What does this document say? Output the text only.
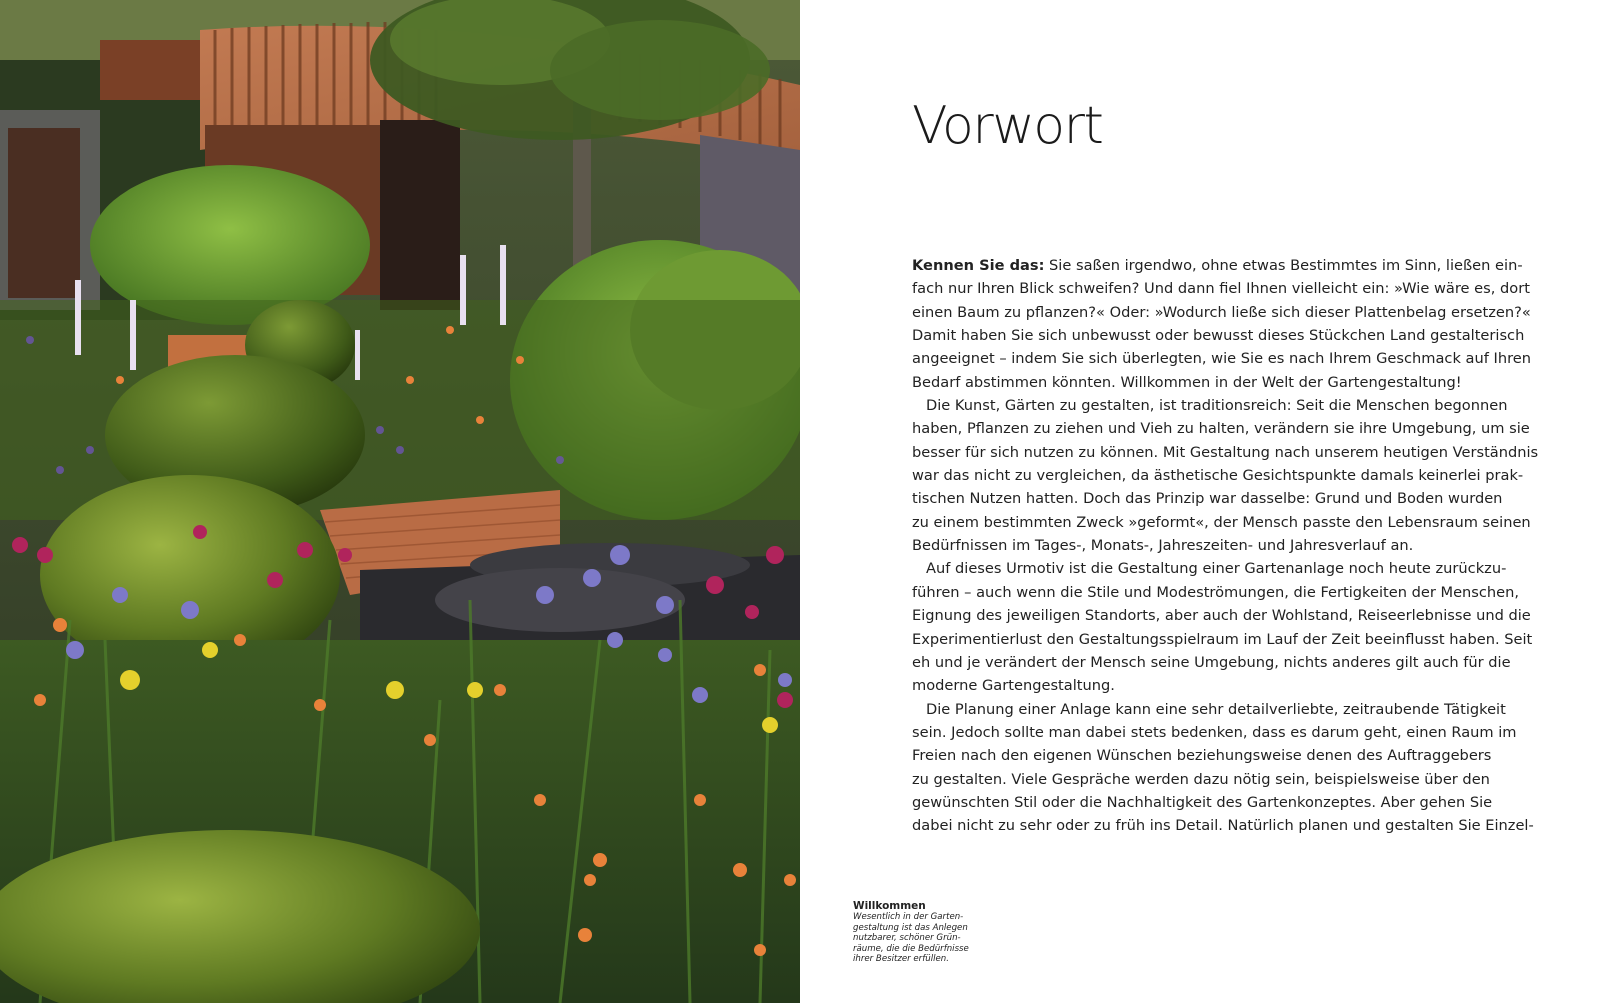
Vorwort
Kennen Sie das: Sie saßen irgendwo, ohne etwas Bestimmtes im Sinn, ließen ein-
fach nur Ihren Blick schweifen? Und dann fiel Ihnen vielleicht ein: »Wie wäre es, dort
einen Baum zu pflanzen?« Oder: »Wodurch ließe sich dieser Plattenbelag ersetzen?«
Damit haben Sie sich unbewusst oder bewusst dieses Stückchen Land gestalterisch
angeeignet – indem Sie sich überlegten, wie Sie es nach Ihrem Geschmack auf Ihren
Bedarf abstimmen könnten. Willkommen in der Welt der Gartengestaltung!
Die Kunst, Gärten zu gestalten, ist traditionsreich: Seit die Menschen begonnen
haben, Pflanzen zu ziehen und Vieh zu halten, verändern sie ihre Umgebung, um sie
besser für sich nutzen zu können. Mit Gestaltung nach unserem heutigen Verständnis
war das nicht zu vergleichen, da ästhetische Gesichtspunkte damals keinerlei prak-
tischen Nutzen hatten. Doch das Prinzip war dasselbe: Grund und Boden wurden
zu einem bestimmten Zweck »geformt«, der Mensch passte den Lebensraum seinen
Bedürfnissen im Tages-, Monats-, Jahreszeiten- und Jahresverlauf an.
Auf dieses Urmotiv ist die Gestaltung einer Gartenanlage noch heute zurückzu-
führen – auch wenn die Stile und Modeströmungen, die Fertigkeiten der Menschen,
Eignung des jeweiligen Standorts, aber auch der Wohlstand, Reiseerlebnisse und die
Experimentierlust den Gestaltungsspielraum im Lauf der Zeit beeinflusst haben. Seit
eh und je verändert der Mensch seine Umgebung, nichts anderes gilt auch für die
moderne Gartengestaltung.
Die Planung einer Anlage kann eine sehr detailverliebte, zeitraubende Tätigkeit
sein. Jedoch sollte man dabei stets bedenken, dass es darum geht, einen Raum im
Freien nach den eigenen Wünschen beziehungsweise denen des Auftraggebers
zu gestalten. Viele Gespräche werden dazu nötig sein, beispielsweise über den
gewünschten Stil oder die Nachhaltigkeit des Gartenkonzeptes. Aber gehen Sie
dabei nicht zu sehr oder zu früh ins Detail. Natürlich planen und gestalten Sie Einzel-
Willkommen
Wesentlich in der Garten-
gestaltung ist das Anlegen
nutzbarer, schöner Grün-
räume, die die Bedürfnisse
ihrer Besitzer erfüllen.
